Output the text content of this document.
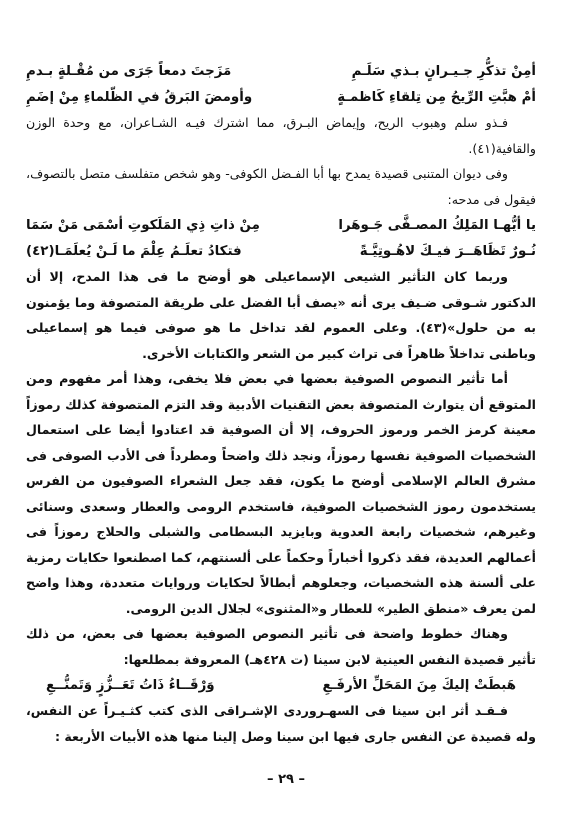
أمِنْ تذكُّرِ جـيـرانٍ بـذي سَلَـمِ
مَزَجتَ دمعاً جَرَى من مُقْـلةٍ بـدمِ
أمْ هبَّتِ الرِّيحُ مِن تِلقاءِ كَاظمـةٍ
وأومضَ البَرقُ في الظّلماءِ مِنْ إضَمِ

فـذو سلم وهبوب الريح، وإيماض البـرق، مما اشترك فيـه الشـاعران، مع وحدة الوزن والقافية(٤١).

وفى ديوان المتنبى قصيدة يمدح بها أبا الفـضل الكوفى- وهو شخص متفلسف متصل بالتصوف، فيقول فى مدحه:

يا أيُّهـا المَلِكُ المصـفَّى جَـوهَرا
مِنْ ذاتِ ذِي المَلَكوتِ أسْمَى مَنْ سَمَا
نُـورٌ تَظَاهَــرَ فيـكَ لاهُـوتِيَّـةً
فتكادُ تعلَـمُ عِلْمَ ما لَـنْ يُعلَمَـا(٤٢)

وربما كان التأثير الشيعى الإسماعيلى هو أوضح ما فى هذا المدح، إلا أن الدكتور شـوقى ضـيف يرى أنه «يصف أبا الفضل على طريقة المتصوفة وما يؤمنون به من حلول»(٤٣). وعلى العموم لقد تداخل ما هو صوفى فيما هو إسماعيلى وباطنى تداخلاً ظاهراً فى تراث كبير من الشعر والكتابات الأخرى.

أما تأثير النصوص الصوفية بعضها في بعض فلا يخفى، وهذا أمر مفهوم ومن المتوقع أن يتوارث المتصوفة بعض التقنيات الأدبية وقد التزم المتصوفة كذلك رموزاً معينة كرمز الخمر ورموز الحروف، إلا أن الصوفية قد اعتادوا أيضا على استعمال الشخصيات الصوفية نفسها رموزاً، ونجد ذلك واضحاً ومطرداً فى الأدب الصوفى فى مشرق العالم الإسلامى أوضح ما يكون، فقد جعل الشعراء الصوفيون من الفرس يستخدمون رموز الشخصيات الصوفية، فاستخدم الرومى والعطار وسعدى وسنائى وغيرهم، شخصيات رابعة العدوية وبايزيد البسطامى والشبلى والحلاج رموزاً فى أعمالهم العديدة، فقد ذكروا أخباراً وحكماً على ألسنتهم، كما اصطنعوا حكايات رمزية على ألسنة هذه الشخصيات، وجعلوهم أبطالاً لحكايات وروايات متعددة، وهذا واضح لمن يعرف «منطق الطير» للعطار و«المثنوى» لجلال الدين الرومى.

وهناك خطوط واضحة فى تأثير النصوص الصوفية بعضها فى بعض، من ذلك تأثير قصيدة النفس العينية لابن سينا (ت ٤٢٨هـ) المعروفة بمطلعها:

هَبطَتْ إليكَ مِنَ المَحَلِّ الأرفَـعِ
وَرْقَــاءُ ذَاتُ تَعَــزُّزٍ وَتَمنُّــعِ

فـقـد أثر ابن سينا فى السهـروردى الإشـراقى الذى كتب كثـيـراً عن النفس، وله قصيدة عن النفس جارى فيها ابن سينا وصل إلينا منها هذه الأبيات الأربعة :

– ٢٩ –
